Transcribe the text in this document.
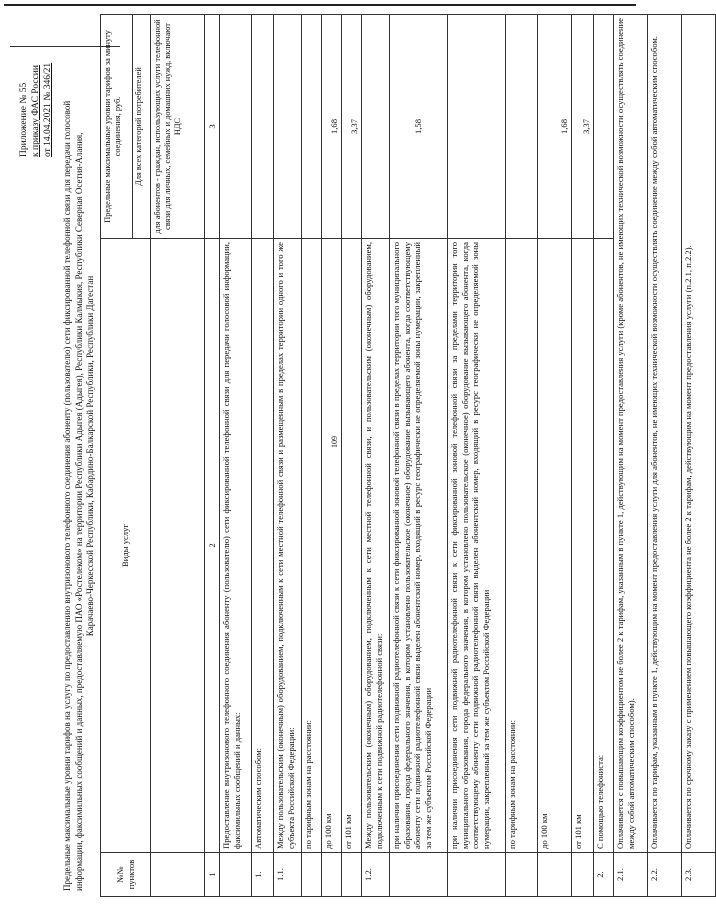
109
Приложение № 55 к приказу ФАС России от 14.04.2021 № 346/21 Предельные максимальные уровни тарифов на услугу по предоставлению внутризонового телефонного соединения абоненту (пользователю) сети фиксированной телефонной связи для передачи голосовой информации, факсимильных сообщений и данных, предоставляемую ПАО «Ростелеком» на территории Республики Адыгея (Адыгея), Республики Калмыкия, Республики Северная Осетия-Алания, Карачаево-Черкесской Республики, Кабардино-Балкарской Республики, Республики Дагестан

№№ пунктов	Виды услуг	Предельные максимальные уровни тарифов за минуту соединения, руб.
		Для всех категорий потребителей
		для абонентов - граждан, использующих услуги телефонной связи для личных, семейных и домашних нужд, включают НДС
1	2	3
	Предоставление внутризонового телефонного соединения абоненту (пользователю) сети фиксированной телефонной связи для передачи голосовой информации, факсимильных сообщений и данных:	
1.	Автоматическим способом:	
1.1.	Между пользовательским (оконечным) оборудованием, подключенным к сети местной телефонной связи и размещенным в пределах территории одного и того же субъекта Российской Федерации:	
	по тарифным зонам на расстоянии:	
	до 100 км	1,68
	от 101 км	3,37
1.2.	Между пользовательским (оконечным) оборудованием, подключенным к сети местной телефонной связи, и пользовательским (оконечным) оборудованием, подключенным к сети подвижной радиотелефонной связи:	
	при наличии присоединения сети подвижной радиотелефонной связи к сети фиксированной зоновой телефонной связи в пределах территории того муниципального образования, города федерального значения, в котором установлено пользовательское (оконечное) оборудование вызывающего абонента, когда соответствующему абоненту сети подвижной радиотелефонной связи выделен абонентский номер, входящий в ресурс географически не определяемой зоны нумерации, закрепленный за тем же субъектом Российской Федерации	1,58
	при наличии присоединения сети подвижной радиотелефонной связи к сети фиксированной зоновой телефонной связи за пределами территории того муниципального образования, города федерального значения, в котором установлено пользовательское (оконечное) оборудование вызывающего абонента, когда соответствующему абоненту сети подвижной радиотелефонной связи выделен абонентский номер, входящий в ресурс географически не определяемой зоны нумерации, закрепленный за тем же субъектом Российской Федерации	
	по тарифным зонам на расстоянии:	
	до 100 км	1,68
	от 101 км	3,37
2.	С помощью телефониста:	
2.1.	Оплачивается с повышающим коэффициентом не более 2 к тарифам, указанным в пункте 1, действующим на момент предоставления услуги (кроме абонентов, не имеющих технической возможности осуществлять соединение между собой автоматическим способом).	
2.2.	Оплачивается по тарифам, указанным в пункте 1, действующим на момент предоставления услуги для абонентов, не имеющих технической возможности осуществлять соединение между собой автоматическим способом.	
2.3.	Оплачивается по срочному заказу с применением повышающего коэффициента не более 2 к тарифам, действующим на момент предоставления услуги (п.2.1, п.2.2).	
